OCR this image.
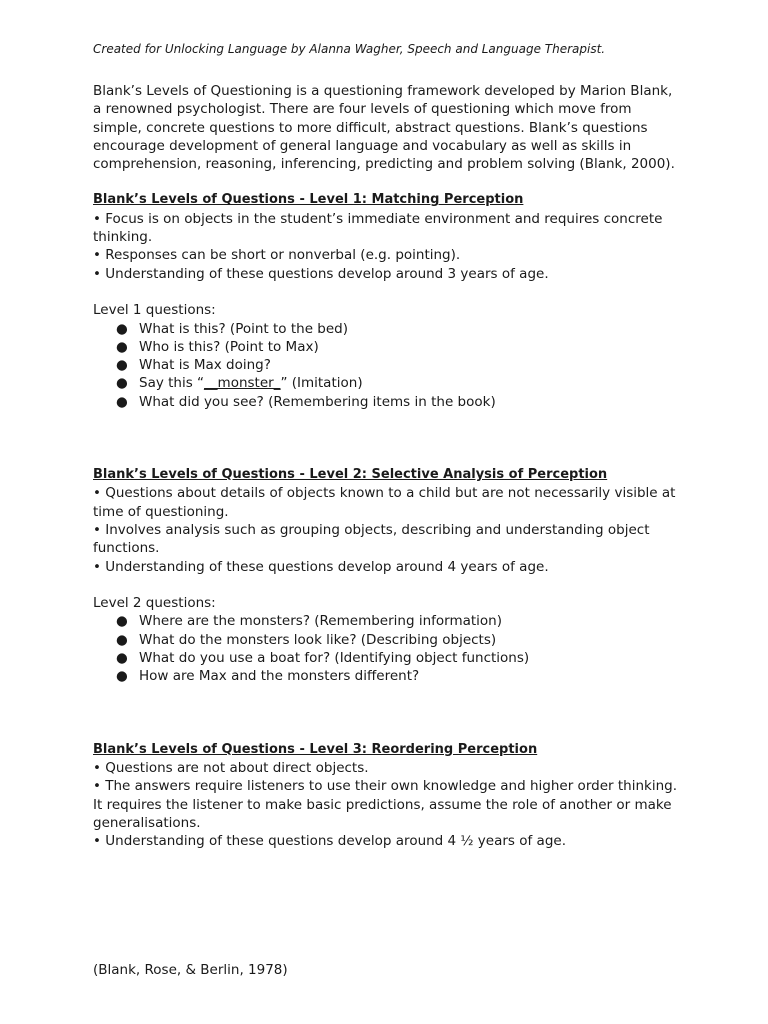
Created for Unlocking Language by Alanna Wagher, Speech and Language Therapist.

Blank’s Levels of Questioning is a questioning framework developed by Marion Blank, a renowned psychologist. There are four levels of questioning which move from simple, concrete questions to more difficult, abstract questions. Blank’s questions encourage development of general language and vocabulary as well as skills in comprehension, reasoning, inferencing, predicting and problem solving (Blank, 2000).

Blank’s Levels of Questions - Level 1: Matching Perception

• Focus is on objects in the student’s immediate environment and requires concrete thinking.

• Responses can be short or nonverbal (e.g. pointing).

• Understanding of these questions develop around 3 years of age.

Level 1 questions:

● What is this? (Point to the bed)
● Who is this? (Point to Max)
● What is Max doing?
● Say this “__monster_” (Imitation)
● What did you see? (Remembering items in the book)

Blank’s Levels of Questions - Level 2: Selective Analysis of Perception

• Questions about details of objects known to a child but are not necessarily visible at time of questioning.

• Involves analysis such as grouping objects, describing and understanding object functions.

• Understanding of these questions develop around 4 years of age.

Level 2 questions:

● Where are the monsters? (Remembering information)
● What do the monsters look like? (Describing objects)
● What do you use a boat for? (Identifying object functions)
● How are Max and the monsters different?

Blank’s Levels of Questions - Level 3: Reordering Perception

• Questions are not about direct objects.

• The answers require listeners to use their own knowledge and higher order thinking. It requires the listener to make basic predictions, assume the role of another or make generalisations.

• Understanding of these questions develop around 4 ½ years of age.

(Blank, Rose, & Berlin, 1978)
